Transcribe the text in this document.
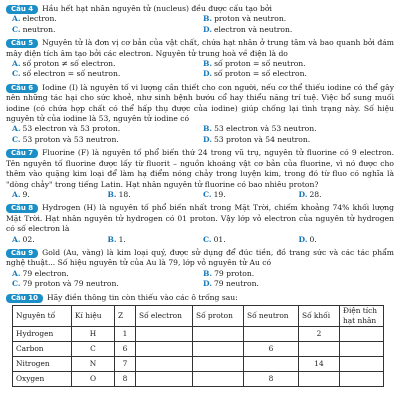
Câu 4 Hầu hết hạt nhân nguyên tử (nucleus) đều được cấu tạo bởi
A. electron.	B. proton và neutron.
C. neutron.	D. electron và neutron.
Câu 5 Nguyên tử là đơn vị cơ bản của vật chất, chứa hạt nhân ở trung tâm và bao quanh bởi đám mây điện tích âm tạo bởi các electron. Nguyên tử trung hoà về điện là do
A. số proton ≠ số electron.	B. số proton = số neutron.
C. số electron = số neutron.	D. số proton = số electron.
Câu 6 Iodine (I) là nguyên tố vi lượng cần thiết cho con người, nếu cơ thể thiếu iodine có thể gây nên những tác hại cho sức khoẻ, như sinh bệnh bướu cổ hay thiểu năng trí tuệ. Việc bổ sung muối iodine (có chứa hợp chất có thể hấp thụ được của iodine) giúp chống lại tình trạng này. Số hiệu nguyên tử của iodine là 53, nguyên tử iodine có
A. 53 electron và 53 proton.	B. 53 electron và 53 neutron.
C. 53 proton và 53 neutron.	D. 53 proton và 54 neutron.
Câu 7 Fluorine (F) là nguyên tố phổ biến thứ 24 trong vũ trụ, nguyên tử fluorine có 9 electron. Tên nguyên tố fluorine được lấy từ fluorit – nguồn khoáng vật cơ bản của fluorine, vì nó được cho thêm vào quặng kim loại để làm hạ điểm nóng chảy trong luyện kim, trong đó từ fluo có nghĩa là "dòng chảy" trong tiếng Latin. Hạt nhân nguyên tử fluorine có bao nhiêu proton?
A. 9.	B. 18.	C. 19.	D. 28.
Câu 8 Hydrogen (H) là nguyên tố phổ biến nhất trong Mặt Trời, chiếm khoảng 74% khối lượng Mặt Trời. Hạt nhân nguyên tử hydrogen có 01 proton. Vậy lớp vỏ electron của nguyên tử hydrogen có số electron là
A. 02.	B. 1.	C. 01.	D. 0.
Câu 9 Gold (Au, vàng) là kim loại quý, được sử dụng để đúc tiền, đồ trang sức và các tác phẩm nghệ thuật... Số hiệu nguyên tử của Au là 79, lớp vỏ nguyên tử Au có
A. 79 electron.	B. 79 proton.
C. 79 proton và 79 neutron.	D. 79 neutron.
Câu 10 Hãy điền thông tin còn thiếu vào các ô trống sau:
Nguyên tố	Kí hiệu	Z	Số electron	Số proton	Số neutron	Số khối	Điện tích hạt nhân
Hydrogen	H	1				2	
Carbon	C	6			6		
Nitrogen	N	7				14	
Oxygen	O	8			8		
